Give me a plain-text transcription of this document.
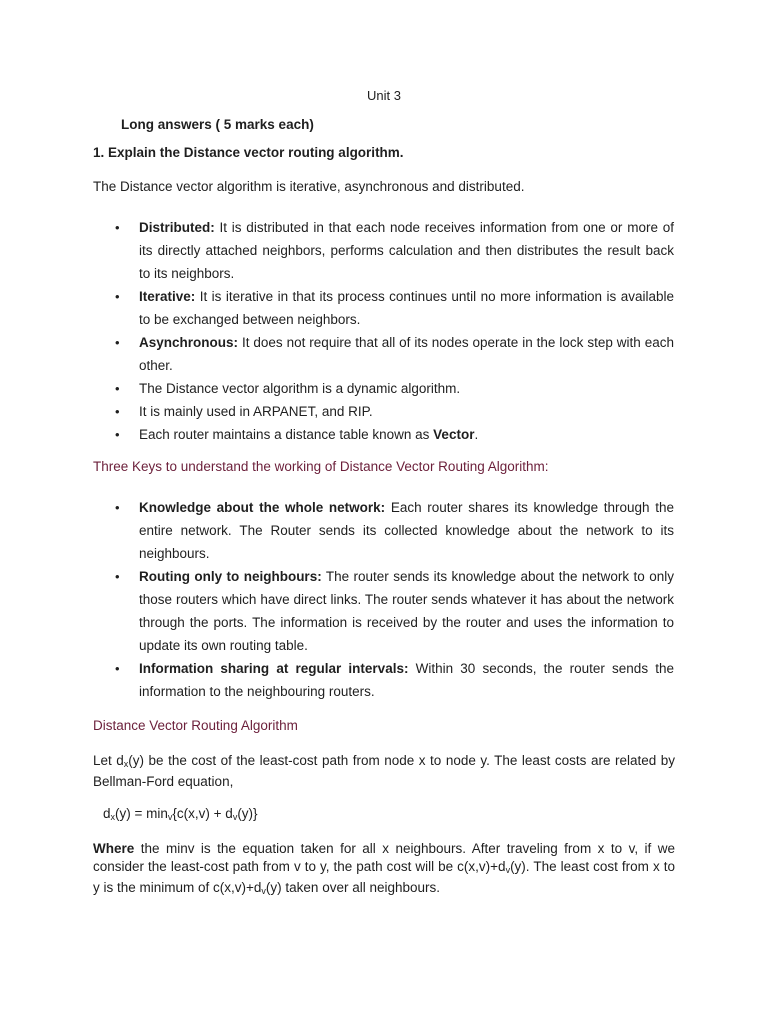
Unit 3
Long answers ( 5 marks each)
1. Explain the Distance vector routing algorithm.
The Distance vector algorithm is iterative, asynchronous and distributed.
• Distributed: It is distributed in that each node receives information from one or more of its directly attached neighbors, performs calculation and then distributes the result back to its neighbors.
• Iterative: It is iterative in that its process continues until no more information is available to be exchanged between neighbors.
• Asynchronous: It does not require that all of its nodes operate in the lock step with each other.
• The Distance vector algorithm is a dynamic algorithm.
• It is mainly used in ARPANET, and RIP.
• Each router maintains a distance table known as Vector.
Three Keys to understand the working of Distance Vector Routing Algorithm:
• Knowledge about the whole network: Each router shares its knowledge through the entire network. The Router sends its collected knowledge about the network to its neighbours.
• Routing only to neighbours: The router sends its knowledge about the network to only those routers which have direct links. The router sends whatever it has about the network through the ports. The information is received by the router and uses the information to update its own routing table.
• Information sharing at regular intervals: Within 30 seconds, the router sends the information to the neighbouring routers.
Distance Vector Routing Algorithm
Let $d_x(y)$ be the cost of the least-cost path from node x to node y. The least costs are related by Bellman-Ford equation,
$d_x(y) = \min_v\{c(x,v) + d_v(y)\}$
Where the minv is the equation taken for all x neighbours. After traveling from x to v, if we consider the least-cost path from v to y, the path cost will be $c(x,v)+d_v(y)$. The least cost from x to y is the minimum of $c(x,v)+d_v(y)$ taken over all neighbours.
